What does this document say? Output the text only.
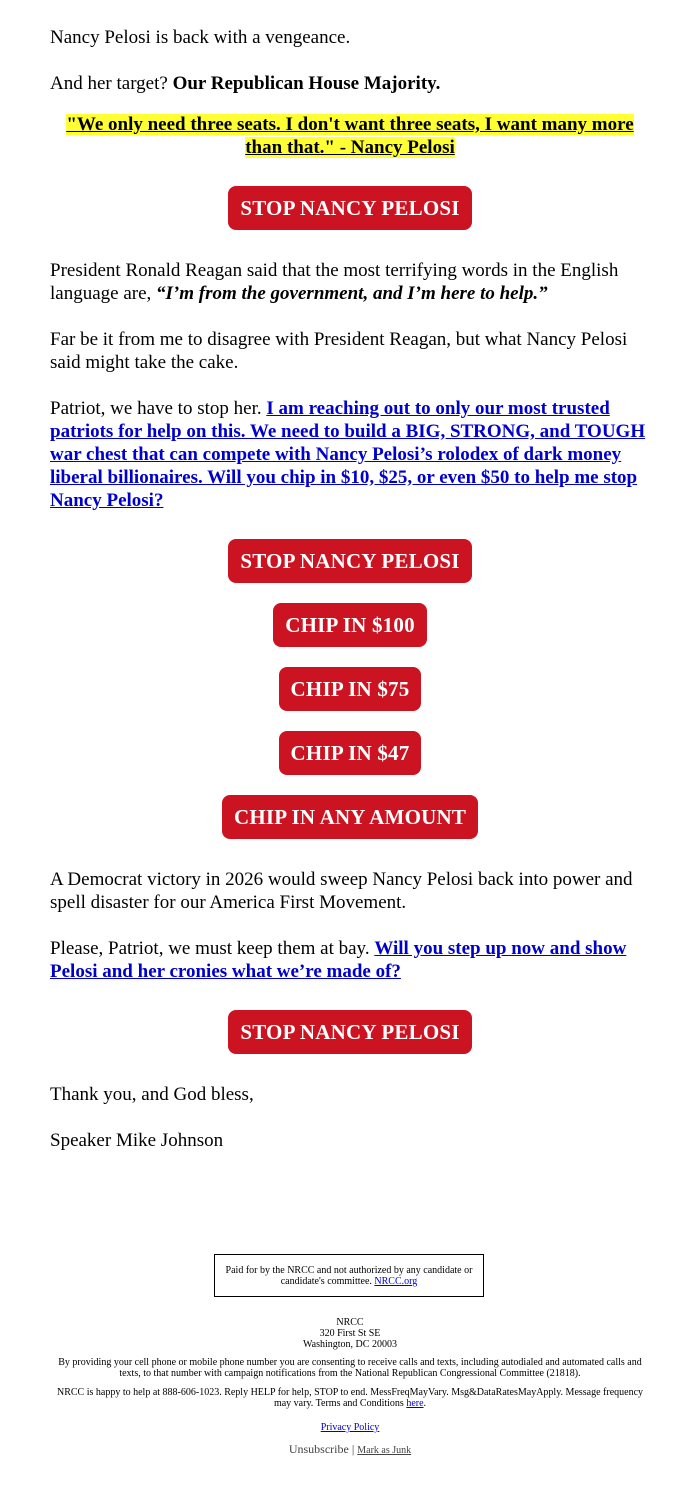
Nancy Pelosi is back with a vengeance.

And her target? Our Republican House Majority.

"We only need three seats. I don't want three seats, I want many more than that." - Nancy Pelosi
STOP NANCY PELOSI

President Ronald Reagan said that the most terrifying words in the English language are, “I’m from the government, and I’m here to help.”

Far be it from me to disagree with President Reagan, but what Nancy Pelosi said might take the cake.

Patriot, we have to stop her. I am reaching out to only our most trusted patriots for help on this. We need to build a BIG, STRONG, and TOUGH war chest that can compete with Nancy Pelosi’s rolodex of dark money liberal billionaires. Will you chip in $10, $25, or even $50 to help me stop Nancy Pelosi?

STOP NANCY PELOSI
CHIP IN $100
CHIP IN $75
CHIP IN $47
CHIP IN ANY AMOUNT

A Democrat victory in 2026 would sweep Nancy Pelosi back into power and spell disaster for our America First Movement.

Please, Patriot, we must keep them at bay. Will you step up now and show Pelosi and her cronies what we’re made of?

STOP NANCY PELOSI

Thank you, and God bless,

Speaker Mike Johnson

Paid for by the NRCC and not authorized by any candidate or candidate's committee. NRCC.org
NRCC
320 First St SE
Washington, DC 20003
By providing your cell phone or mobile phone number you are consenting to receive calls and texts, including autodialed and automated calls and texts, to that number with campaign notifications from the National Republican Congressional Committee (21818).
NRCC is happy to help at 888-606-1023. Reply HELP for help, STOP to end. MessFreqMayVary. Msg&DataRatesMayApply. Message frequency may vary. Terms and Conditions here.
Privacy Policy
Unsubscribe | Mark as Junk
